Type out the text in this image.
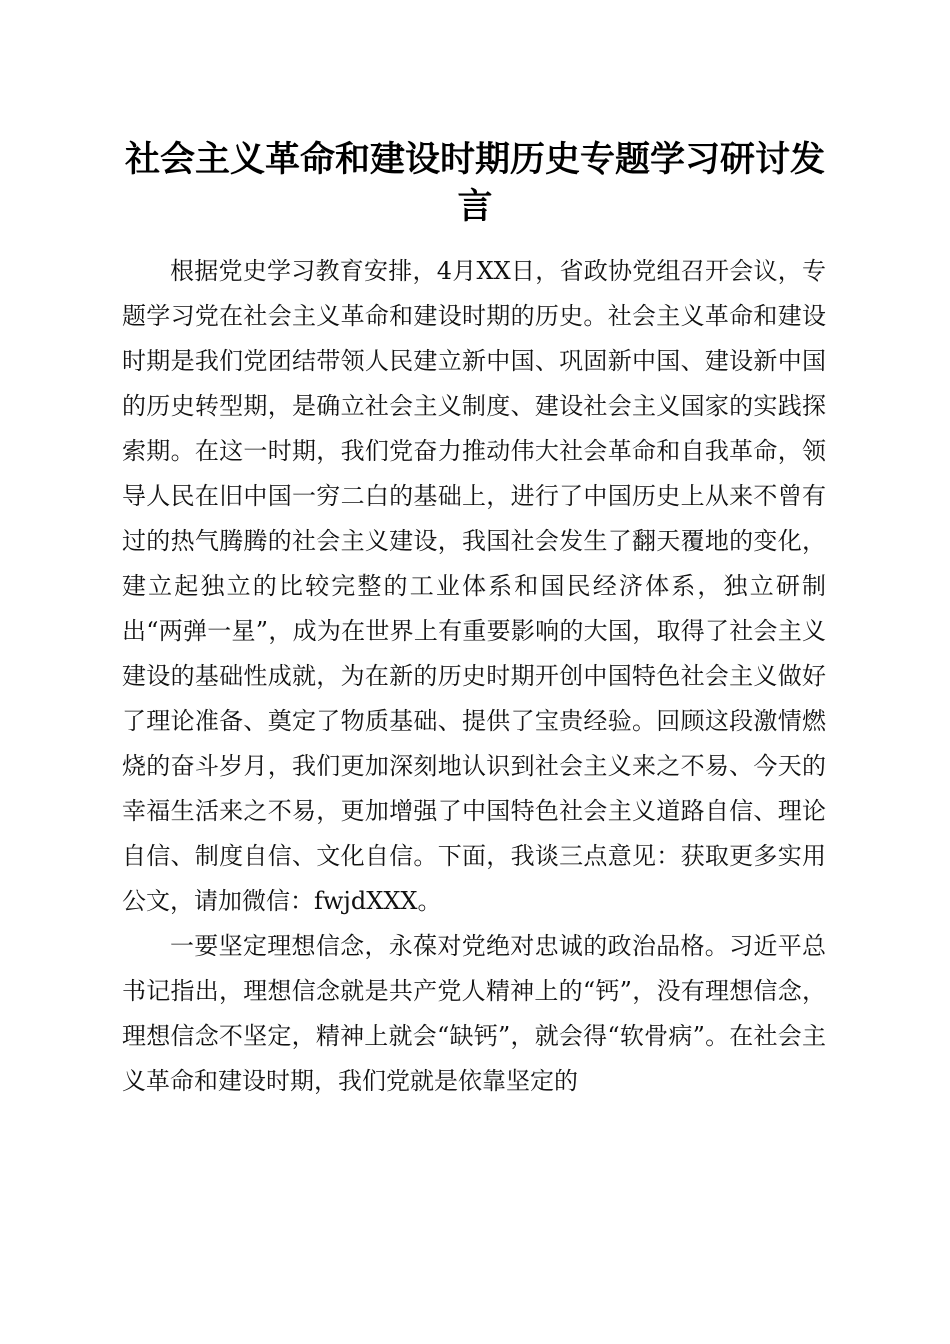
社会主义革命和建设时期历史专题学习研讨发言

根据党史学习教育安排，4月XX日，省政协党组召开会议，专题学习党在社会主义革命和建设时期的历史。社会主义革命和建设时期是我们党团结带领人民建立新中国、巩固新中国、建设新中国的历史转型期，是确立社会主义制度、建设社会主义国家的实践探索期。在这一时期，我们党奋力推动伟大社会革命和自我革命，领导人民在旧中国一穷二白的基础上，进行了中国历史上从来不曾有过的热气腾腾的社会主义建设，我国社会发生了翻天覆地的变化，建立起独立的比较完整的工业体系和国民经济体系，独立研制出“两弹一星”，成为在世界上有重要影响的大国，取得了社会主义建设的基础性成就，为在新的历史时期开创中国特色社会主义做好了理论准备、奠定了物质基础、提供了宝贵经验。回顾这段激情燃烧的奋斗岁月，我们更加深刻地认识到社会主义来之不易、今天的幸福生活来之不易，更加增强了中国特色社会主义道路自信、理论自信、制度自信、文化自信。下面，我谈三点意见：获取更多实用公文，请加微信：fwjdXXX。

一要坚定理想信念，永葆对党绝对忠诚的政治品格。习近平总书记指出，理想信念就是共产党人精神上的“钙”，没有理想信念，理想信念不坚定，精神上就会“缺钙”，就会得“软骨病”。在社会主义革命和建设时期，我们党就是依靠坚定的
